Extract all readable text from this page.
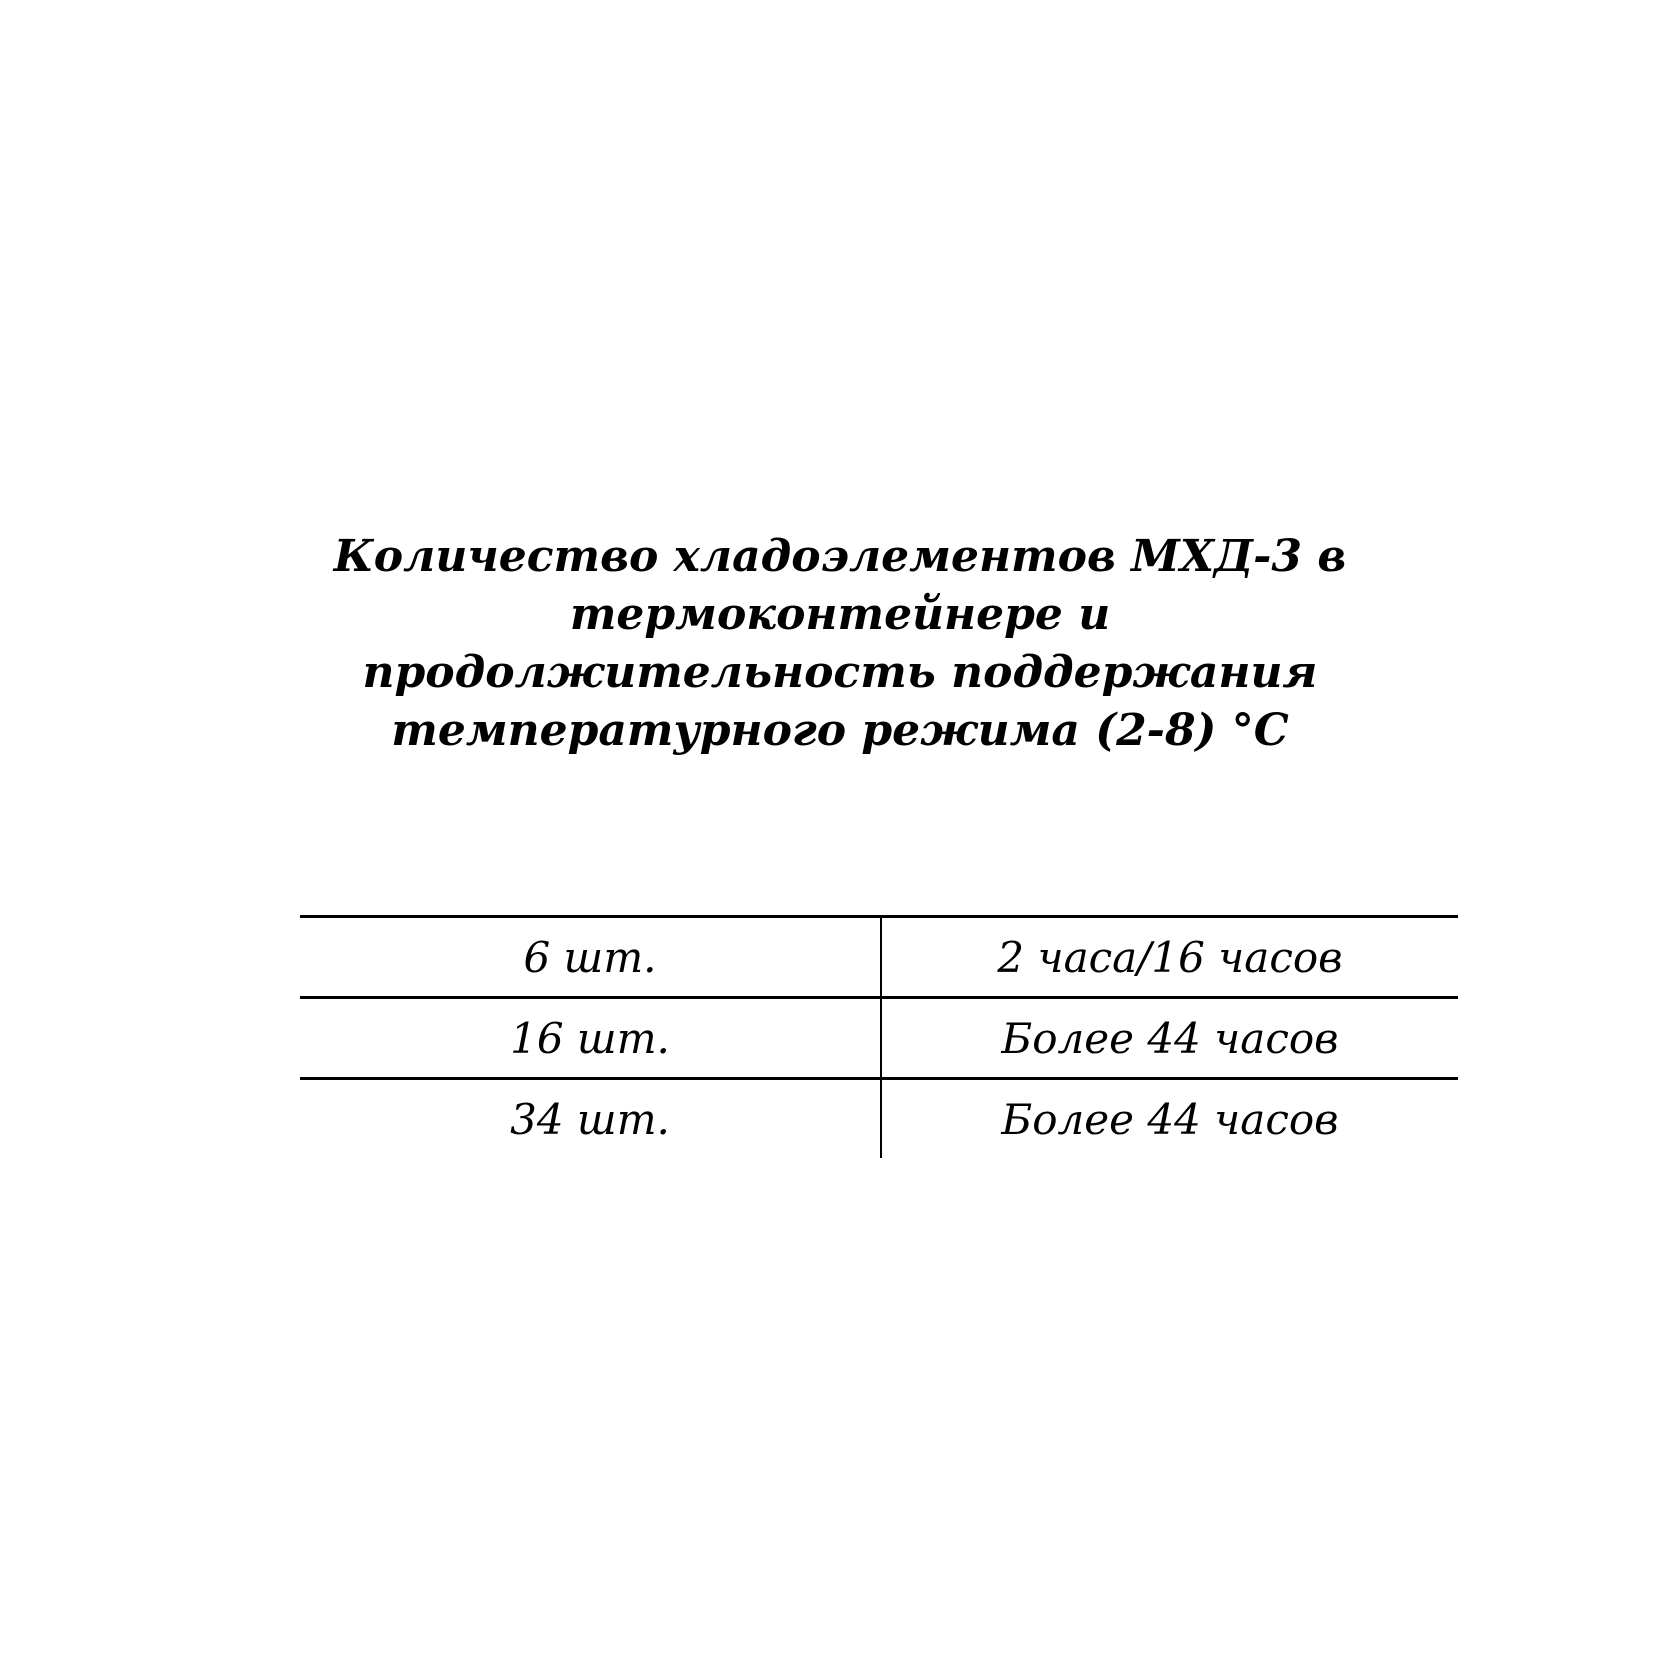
Количество хладоэлементов МХД-3 в
термоконтейнере и
продолжительность поддержания
температурного режима (2-8) °С
6 шт.	2 часа/16 часов
16 шт.	Более 44 часов
34 шт.	Более 44 часов
